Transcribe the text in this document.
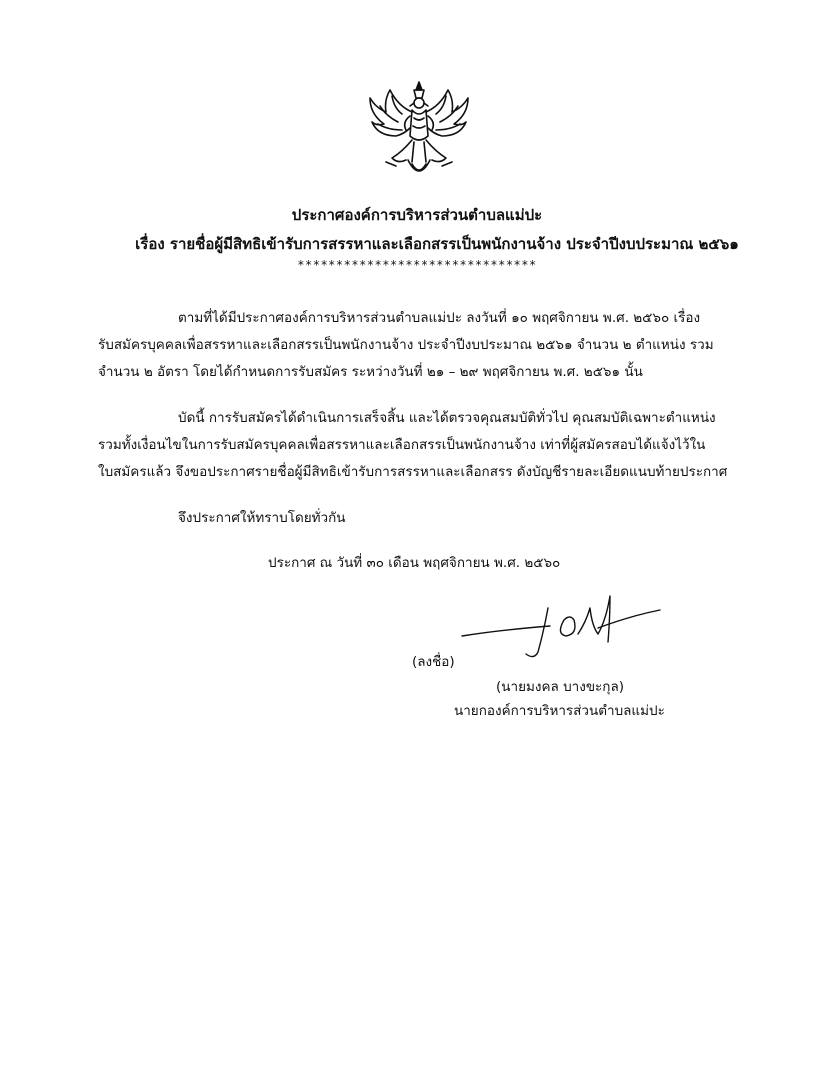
ประกาศองค์การบริหารส่วนตำบลแม่ปะ
เรื่อง รายชื่อผู้มีสิทธิเข้ารับการสรรหาและเลือกสรรเป็นพนักงานจ้าง ประจำปีงบประมาณ ๒๕๖๑
*******************************
ตามที่ได้มีประกาศองค์การบริหารส่วนตำบลแม่ปะ ลงวันที่ ๑๐ พฤศจิกายน พ.ศ. ๒๕๖๐ เรื่อง
รับสมัครบุคคลเพื่อสรรหาและเลือกสรรเป็นพนักงานจ้าง ประจำปีงบประมาณ ๒๕๖๑ จำนวน ๒ ตำแหน่ง รวม
จำนวน ๒ อัตรา โดยได้กำหนดการรับสมัคร ระหว่างวันที่ ๒๑ – ๒๙ พฤศจิกายน พ.ศ. ๒๕๖๑ นั้น
บัดนี้ การรับสมัครได้ดำเนินการเสร็จสิ้น และได้ตรวจคุณสมบัติทั่วไป คุณสมบัติเฉพาะตำแหน่ง
รวมทั้งเงื่อนไขในการรับสมัครบุคคลเพื่อสรรหาและเลือกสรรเป็นพนักงานจ้าง เท่าที่ผู้สมัครสอบได้แจ้งไว้ใน
ใบสมัครแล้ว จึงขอประกาศรายชื่อผู้มีสิทธิเข้ารับการสรรหาและเลือกสรร ดังบัญชีรายละเอียดแนบท้ายประกาศ
จึงประกาศให้ทราบโดยทั่วกัน
ประกาศ ณ วันที่ ๓๐ เดือน พฤศจิกายน พ.ศ. ๒๕๖๐
(ลงชื่อ)
(นายมงคล บางขะกุล)
นายกองค์การบริหารส่วนตำบลแม่ปะ
